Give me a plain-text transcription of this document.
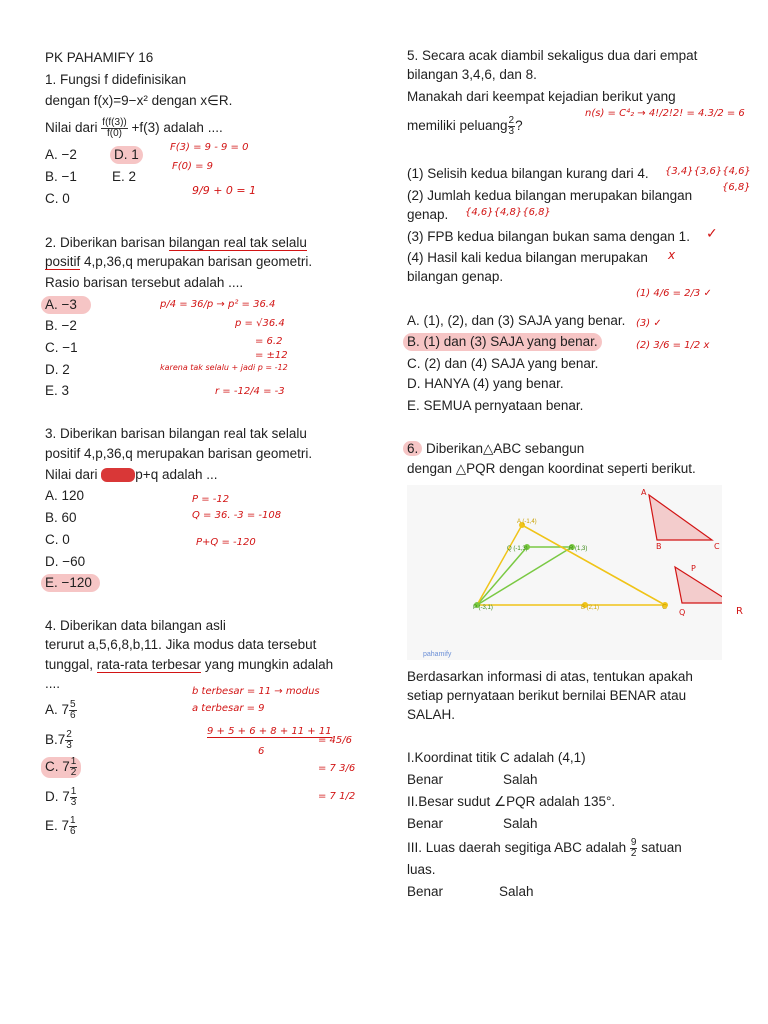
PK PAHAMIFY 16
1. Fungsi f didefinisikan
dengan f(x)=9−x² dengan x∈R.
Nilai dari $\frac{f(f(3))}{f(0)} +f(3)$ adalah ....
A. −2	D. 1
B. −1	E. 2
C. 0
F(3) = 9 - 9 = 0
F(0) = 9
9/9 + 0 = 1
2. Diberikan barisan bilangan real tak selalu
positif 4,p,36,q merupakan barisan geometri.
Rasio barisan tersebut adalah ....
A. −3
B. −2
C. −1
D. 2
E. 3
p/4 = 36/p → p² = 36.4
p = √36.4
= 6.2
= ±12
karena tak selalu + jadi p = -12
r = -12/4 = -3
3. Diberikan barisan bilangan real tak selalu
positif 4,p,36,q merupakan barisan geometri.
Nilai dari	p+q adalah ...
A. 120
B. 60
C. 0
D. −60
E. −120
P = -12
Q = 36. -3 = -108
P+Q = -120
4. Diberikan data bilangan asli
terurut a,5,6,8,b,11. Jika modus data tersebut
tunggal, rata-rata terbesar yang mungkin adalah
....
A. $7 \frac{5}{6}$
$B.7 \frac{2}{3}$
C. $7 \frac{1}{2}$
D. $7 \frac{1}{3}$
E. $7 \frac{1}{6}$
b terbesar = 11 → modus
a terbesar = 9
9 + 5 + 6 + 8 + 11 + 11
6
= 45/6
= 7 3/6
= 7 1/2
5. Secara acak diambil sekaligus dua dari empat
bilangan 3,4,6, dan 8.
Manakah dari keempat kejadian berikut yang
memiliki peluang $\frac{2}{3}$ ?
n(s) = C⁴₂ → 4!/2!2! = 4.3/2 = 6
(1) Selisih kedua bilangan kurang dari 4.
(2) Jumlah kedua bilangan merupakan bilangan
genap.
(3) FPB kedua bilangan bukan sama dengan 1.
(4) Hasil kali kedua bilangan merupakan
bilangan genap.
{3,4}{3,6}{4,6}
{6,8}
{4,6}{4,8}{6,8}
✓
x
A. (1), (2), dan (3) SAJA yang benar.
B. (1) dan (3) SAJA yang benar.
C. (2) dan (4) SAJA yang benar.
D. HANYA (4) yang benar.
E. SEMUA pernyataan benar.
(1) 4/6 = 2/3 ✓
(3) ✓
(2) 3/6 = 1/2 x
6. Diberikan△ABC sebangun
dengan △PQR dengan koordinat seperti berikut.
A (-1,4)
Q (-1,3)	R (1,3)
P (-3,1)	B (2,1)	C
pahamify
A
B	C
P
Q	R
Berdasarkan informasi di atas, tentukan apakah
setiap pernyataan berikut bernilai BENAR atau
SALAH.
I.Koordinat titik C adalah (4,1)
Benar	Salah
II.Besar sudut ∠PQR adalah 135°.
Benar	Salah
III. Luas daerah segitiga ABC adalah $\frac{9}{2}$ satuan
luas.
Benar	Salah
